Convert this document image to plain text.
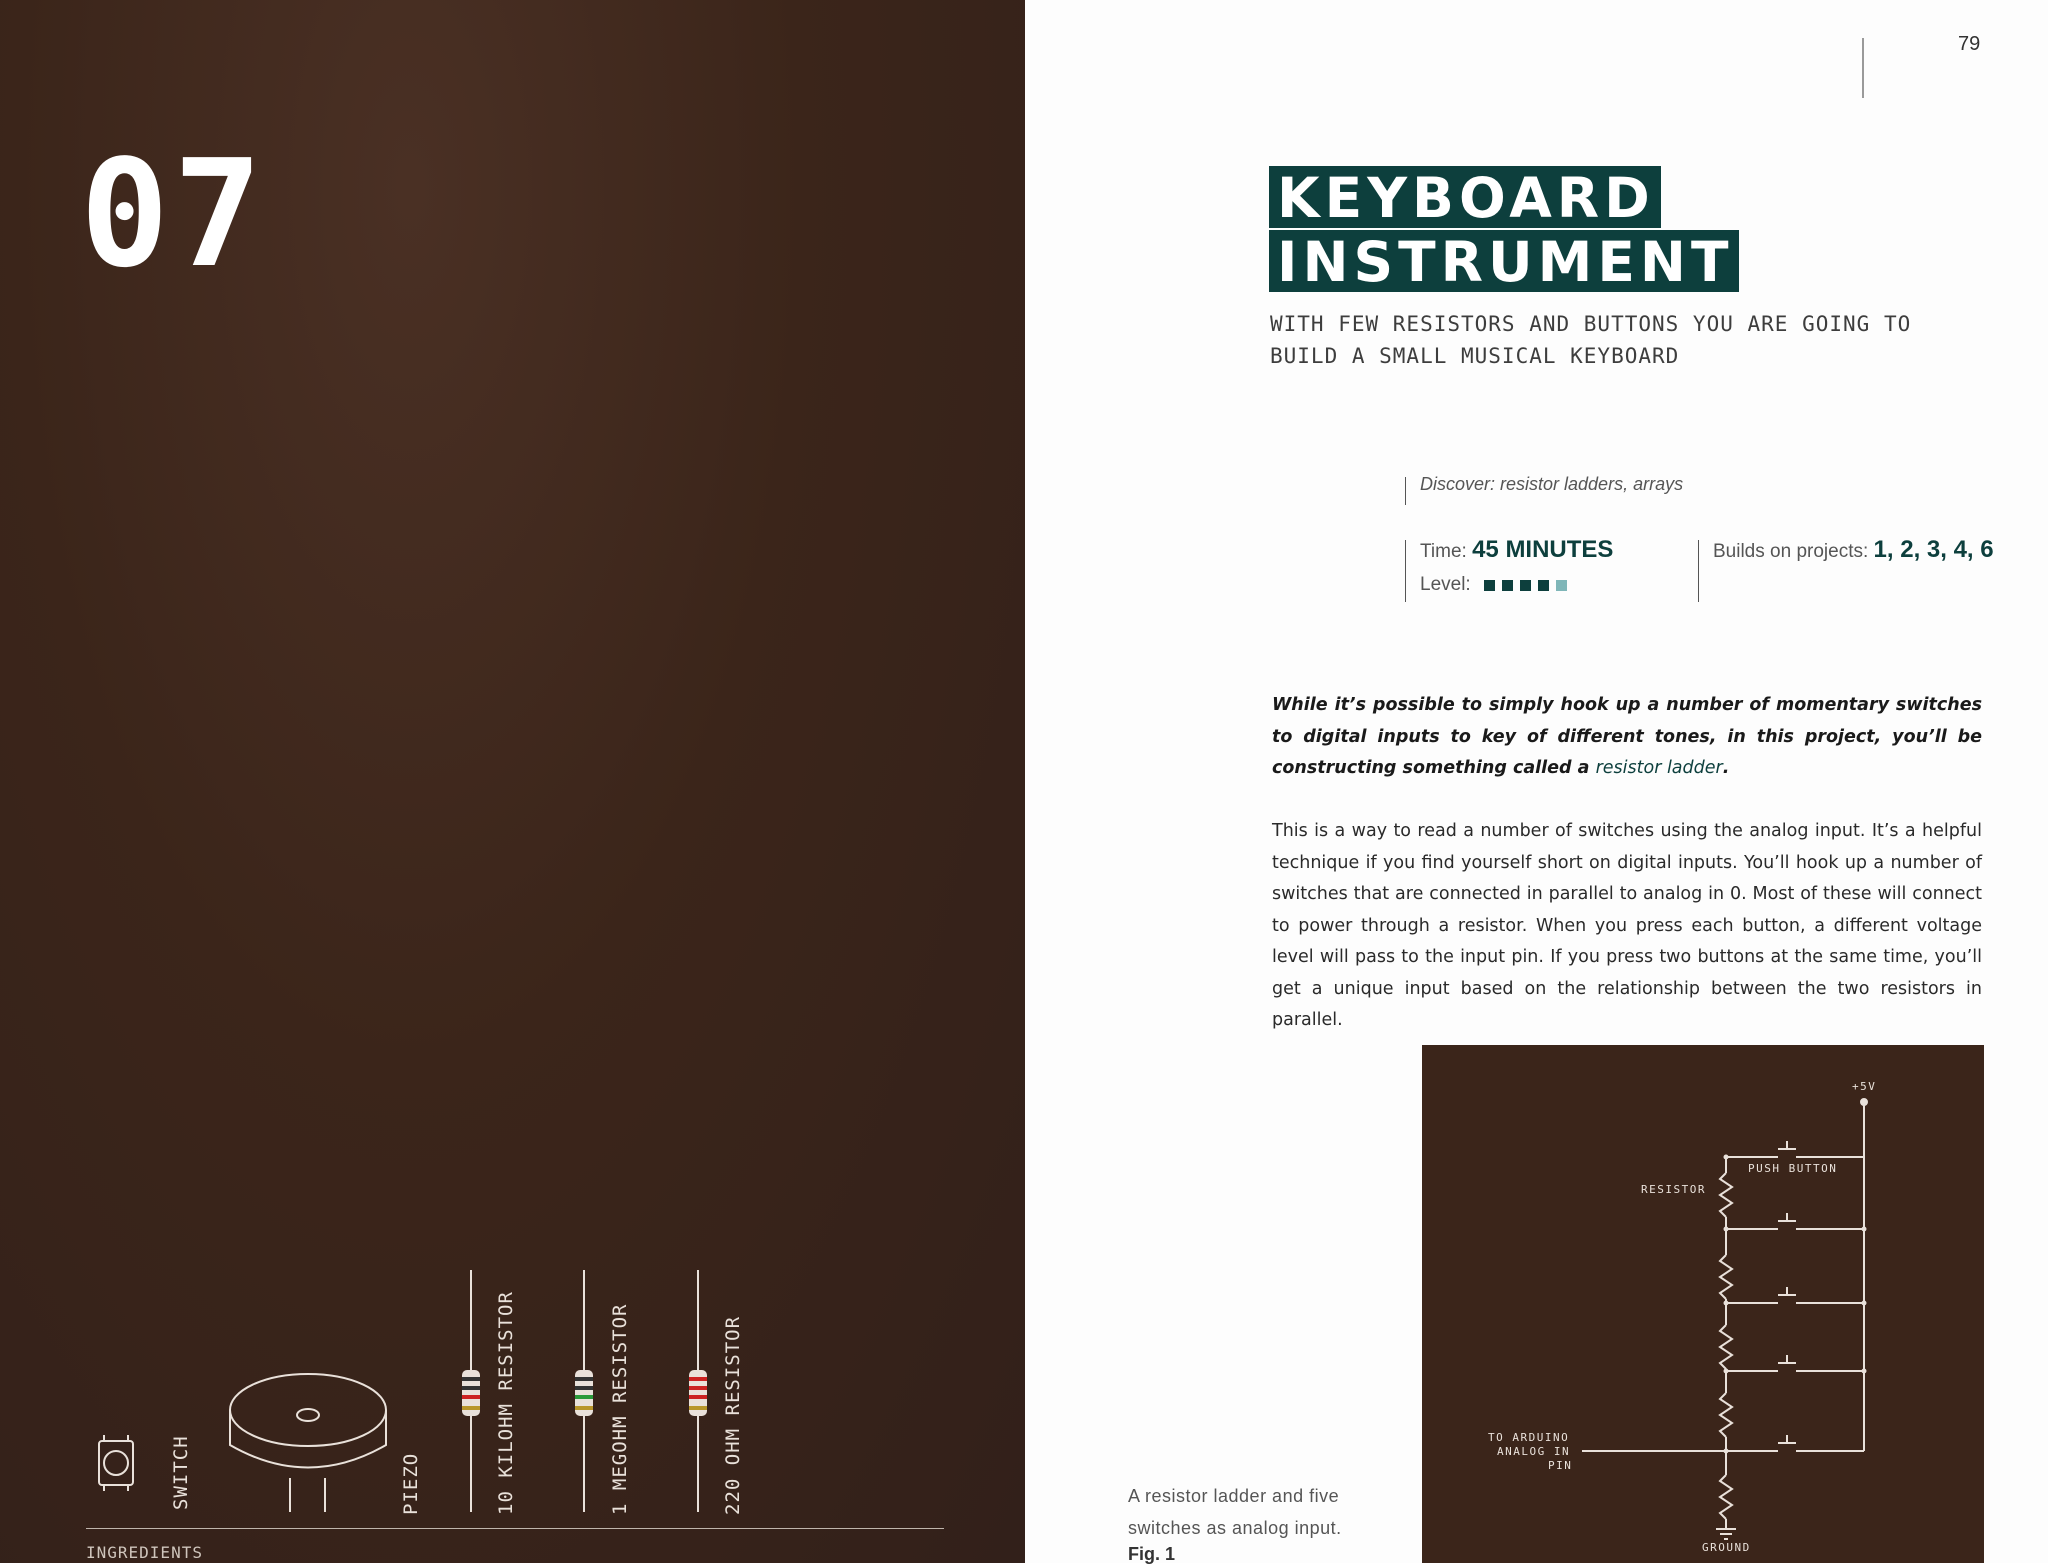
07
SWITCH	PIEZO	10 KILOHM RESISTOR	1 MEGOHM RESISTOR	220 OHM RESISTOR
INGREDIENTS
79
KEYBOARD
INSTRUMENT
WITH FEW RESISTORS AND BUTTONS YOU ARE GOING TO BUILD A SMALL MUSICAL KEYBOARD
Discover: resistor ladders, arrays
Time: 45 MINUTES
Level:
Builds on projects: 1, 2, 3, 4, 6
While it’s possible to simply hook up a number of momentary switches to digital inputs to key of different tones, in this project, you’ll be constructing something called a resistor ladder.
This is a way to read a number of switches using the analog input. It’s a helpful technique if you find yourself short on digital inputs. You’ll hook up a number of switches that are connected in parallel to analog in 0. Most of these will connect to power through a resistor. When you press each button, a different voltage level will pass to the input pin. If you press two buttons at the same time, you’ll get a unique input based on the relationship between the two resistors in parallel.
+5V
PUSH BUTTON
RESISTOR
TO ARDUINO
ANALOG IN
PIN
GROUND
A resistor ladder and five switches as analog input.
Fig. 1
